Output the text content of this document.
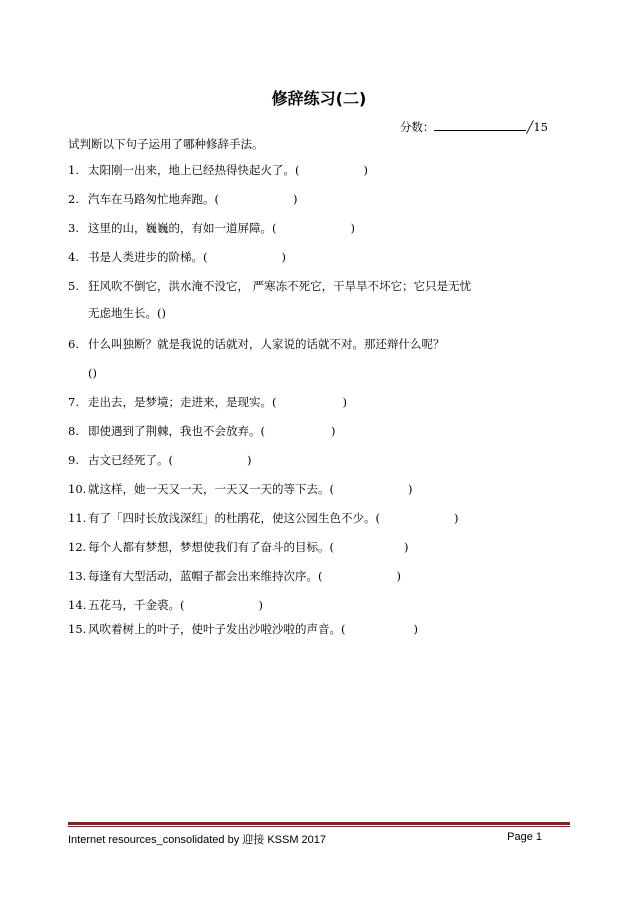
修辞练习(二)
分数：	╱15
试判断以下句子运用了哪种修辞手法。
1. 太阳刚一出来，地上已经热得快起火了。(	)
2. 汽车在马路匆忙地奔跑。(	)
3. 这里的山，巍巍的，有如一道屏障。(	)
4. 书是人类进步的阶梯。(	)
5. 狂风吹不倒它，洪水淹不没它， 严寒冻不死它，干旱旱不坏它；它只是无忧
无虑地生长。()
6. 什么叫独断？就是我说的话就对，人家说的话就不对。那还辩什么呢？
()
7. 走出去，是梦境；走进来，是现实。(	)
8. 即使遇到了荆棘，我也不会放弃。(	)
9. 古文已经死了。(	)
10. 就这样，她一天又一天，一天又一天的等下去。(	)
11. 有了「四时长放浅深红」的杜鹃花，使这公园生色不少。(	)
12. 每个人都有梦想，梦想使我们有了奋斗的目标。(	)
13. 每逢有大型活动，蓝帽子都会出来维持次序。(	)
14. 五花马，千金裘。(	)
15. 风吹着树上的叶子，使叶子发出沙啦沙啦的声音。(	)
Internet resources_consolidated by 迎接 KSSM 2017	Page 1
